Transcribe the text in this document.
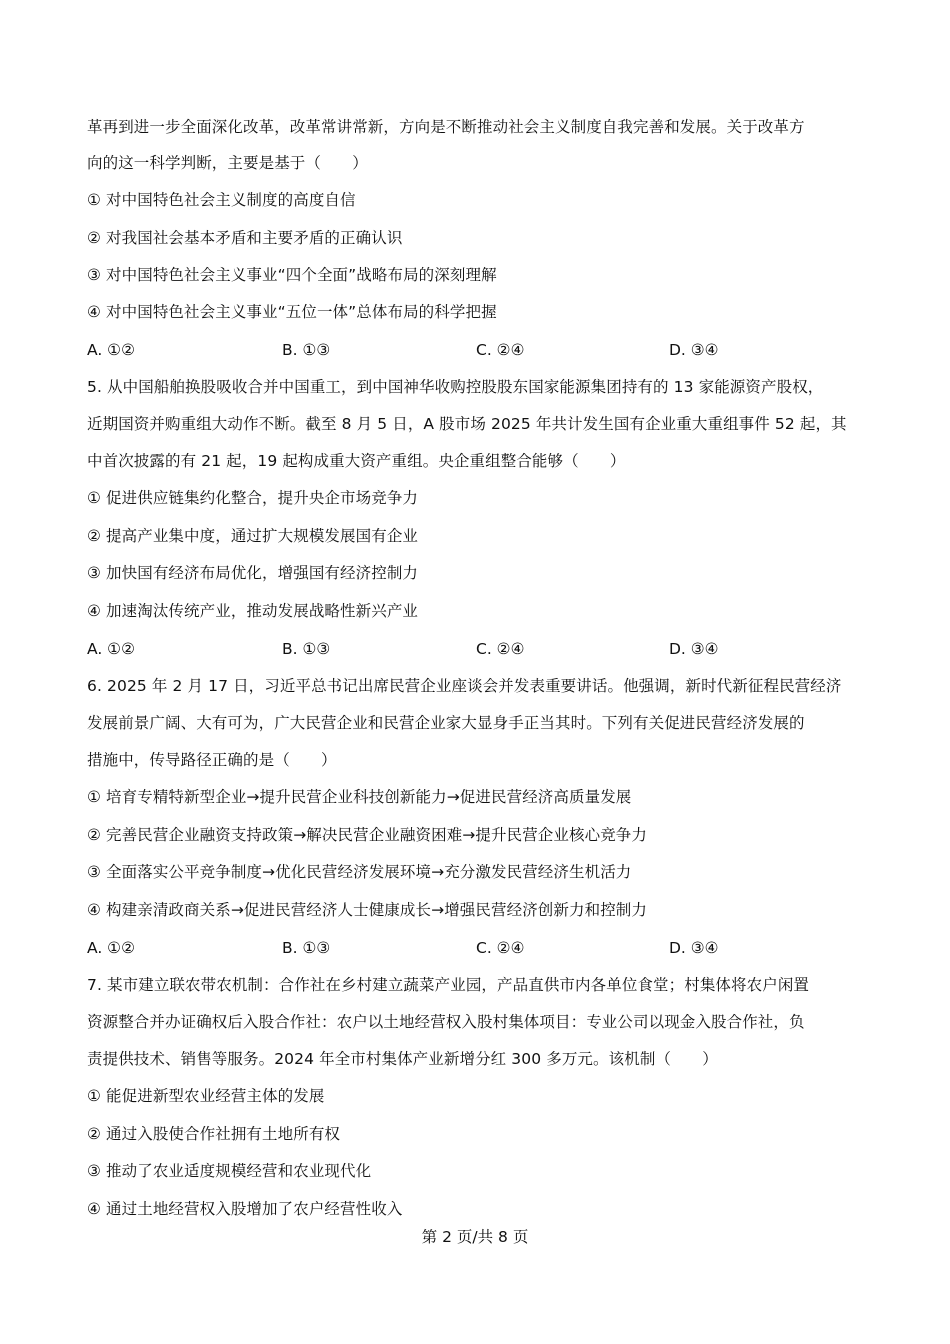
革再到进一步全面深化改革，改革常讲常新，方向是不断推动社会主义制度自我完善和发展。关于改革方
向的这一科学判断，主要是基于（　　）
① 对中国特色社会主义制度的高度自信
② 对我国社会基本矛盾和主要矛盾的正确认识
③ 对中国特色社会主义事业“四个全面”战略布局的深刻理解
④ 对中国特色社会主义事业“五位一体”总体布局的科学把握
A. ①②	B. ①③	C. ②④	D. ③④
5. 从中国船舶换股吸收合并中国重工，到中国神华收购控股股东国家能源集团持有的 13 家能源资产股权，
近期国资并购重组大动作不断。截至 8 月 5 日，A 股市场 2025 年共计发生国有企业重大重组事件 52 起，其
中首次披露的有 21 起，19 起构成重大资产重组。央企重组整合能够（　　）
① 促进供应链集约化整合，提升央企市场竞争力
② 提高产业集中度，通过扩大规模发展国有企业
③ 加快国有经济布局优化，增强国有经济控制力
④ 加速淘汰传统产业，推动发展战略性新兴产业
A. ①②	B. ①③	C. ②④	D. ③④
6. 2025 年 2 月 17 日，习近平总书记出席民营企业座谈会并发表重要讲话。他强调，新时代新征程民营经济
发展前景广阔、大有可为，广大民营企业和民营企业家大显身手正当其时。下列有关促进民营经济发展的
措施中，传导路径正确的是（　　）
① 培育专精特新型企业→提升民营企业科技创新能力→促进民营经济高质量发展
② 完善民营企业融资支持政策→解决民营企业融资困难→提升民营企业核心竞争力
③ 全面落实公平竞争制度→优化民营经济发展环境→充分激发民营经济生机活力
④ 构建亲清政商关系→促进民营经济人士健康成长→增强民营经济创新力和控制力
A. ①②	B. ①③	C. ②④	D. ③④
7. 某市建立联农带农机制：合作社在乡村建立蔬菜产业园，产品直供市内各单位食堂；村集体将农户闲置
资源整合并办证确权后入股合作社：农户以土地经营权入股村集体项目：专业公司以现金入股合作社，负
责提供技术、销售等服务。2024 年全市村集体产业新增分红 300 多万元。该机制（　　）
① 能促进新型农业经营主体的发展
② 通过入股使合作社拥有土地所有权
③ 推动了农业适度规模经营和农业现代化
④ 通过土地经营权入股增加了农户经营性收入
第 2 页/共 8 页
